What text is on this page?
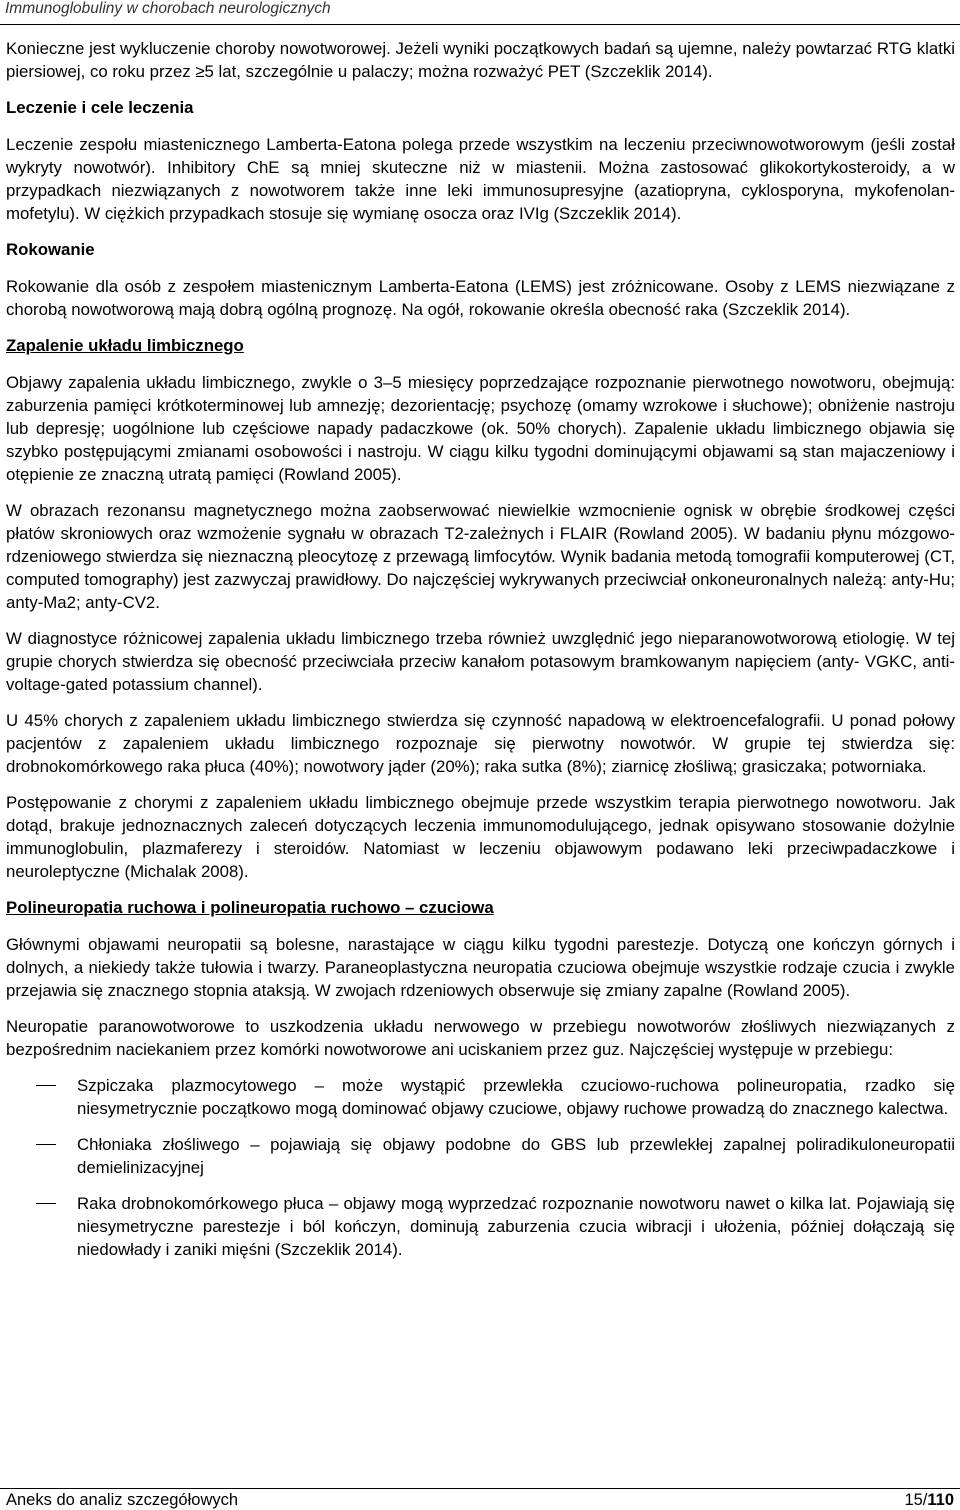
Immunoglobuliny w chorobach neurologicznych

Konieczne jest wykluczenie choroby nowotworowej. Jeżeli wyniki początkowych badań są ujemne, należy powtarzać RTG klatki piersiowej, co roku przez ≥5 lat, szczególnie u palaczy; można rozważyć PET (Szczeklik 2014).

Leczenie i cele leczenia

Leczenie zespołu miastenicznego Lamberta-Eatona polega przede wszystkim na leczeniu przeciwnowotworowym (jeśli został wykryty nowotwór). Inhibitory ChE są mniej skuteczne niż w miastenii. Można zastosować glikokortykosteroidy, a w przypadkach niezwiązanych z nowotworem także inne leki immunosupresyjne (azatiopryna, cyklosporyna, mykofenolan-mofetylu). W ciężkich przypadkach stosuje się wymianę osocza oraz IVIg (Szczeklik 2014).

Rokowanie

Rokowanie dla osób z zespołem miastenicznym Lamberta-Eatona (LEMS) jest zróżnicowane. Osoby z LEMS niezwiązane z chorobą nowotworową mają dobrą ogólną prognozę. Na ogół, rokowanie określa obecność raka (Szczeklik 2014).

Zapalenie układu limbicznego

Objawy zapalenia układu limbicznego, zwykle o 3–5 miesięcy poprzedzające rozpoznanie pierwotnego nowotworu, obejmują: zaburzenia pamięci krótkoterminowej lub amnezję; dezorientację; psychozę (omamy wzrokowe i słuchowe); obniżenie nastroju lub depresję; uogólnione lub częściowe napady padaczkowe (ok. 50% chorych). Zapalenie układu limbicznego objawia się szybko postępującymi zmianami osobowości i nastroju. W ciągu kilku tygodni dominującymi objawami są stan majaczeniowy i otępienie ze znaczną utratą pamięci (Rowland 2005).

W obrazach rezonansu magnetycznego można zaobserwować niewielkie wzmocnienie ognisk w obrębie środkowej części płatów skroniowych oraz wzmożenie sygnału w obrazach T2-zależnych i FLAIR (Rowland 2005). W badaniu płynu mózgowo-rdzeniowego stwierdza się nieznaczną pleocytozę z przewagą limfocytów. Wynik badania metodą tomografii komputerowej (CT, computed tomography) jest zazwyczaj prawidłowy. Do najczęściej wykrywanych przeciwciał onkoneuronalnych należą: anty-Hu; anty-Ma2; anty-CV2.

W diagnostyce różnicowej zapalenia układu limbicznego trzeba również uwzględnić jego nieparanowotworową etiologię. W tej grupie chorych stwierdza się obecność przeciwciała przeciw kanałom potasowym bramkowanym napięciem (anty- VGKC, anti-voltage-gated potassium channel).

U 45% chorych z zapaleniem układu limbicznego stwierdza się czynność napadową w elektroencefalografii. U ponad połowy pacjentów z zapaleniem układu limbicznego rozpoznaje się pierwotny nowotwór. W grupie tej stwierdza się: drobnokomórkowego raka płuca (40%); nowotwory jąder (20%); raka sutka (8%); ziarnicę złośliwą; grasiczaka; potworniaka.

Postępowanie z chorymi z zapaleniem układu limbicznego obejmuje przede wszystkim terapia pierwotnego nowotworu. Jak dotąd, brakuje jednoznacznych zaleceń dotyczących leczenia immunomodulującego, jednak opisywano stosowanie dożylnie immunoglobulin, plazmaferezy i steroidów. Natomiast w leczeniu objawowym podawano leki przeciwpadaczkowe i neuroleptyczne (Michalak 2008).

Polineuropatia ruchowa i polineuropatia ruchowo – czuciowa

Głównymi objawami neuropatii są bolesne, narastające w ciągu kilku tygodni parestezje. Dotyczą one kończyn górnych i dolnych, a niekiedy także tułowia i twarzy. Paraneoplastyczna neuropatia czuciowa obejmuje wszystkie rodzaje czucia i zwykle przejawia się znacznego stopnia ataksją. W zwojach rdzeniowych obserwuje się zmiany zapalne (Rowland 2005).

Neuropatie paranowotworowe to uszkodzenia układu nerwowego w przebiegu nowotworów złośliwych niezwiązanych z bezpośrednim naciekaniem przez komórki nowotworowe ani uciskaniem przez guz. Najczęściej występuje w przebiegu:

Szpiczaka plazmocytowego – może wystąpić przewlekła czuciowo-ruchowa polineuropatia, rzadko się niesymetrycznie początkowo mogą dominować objawy czuciowe, objawy ruchowe prowadzą do znacznego kalectwa.
Chłoniaka złośliwego – pojawiają się objawy podobne do GBS lub przewlekłej zapalnej poliradikuloneuropatii demielinizacyjnej
Raka drobnokomórkowego płuca – objawy mogą wyprzedzać rozpoznanie nowotworu nawet o kilka lat. Pojawiają się niesymetryczne parestezje i ból kończyn, dominują zaburzenia czucia wibracji i ułożenia, później dołączają się niedowłady i zaniki mięśni (Szczeklik 2014).
Aneks do analiz szczegółowych	15/110
